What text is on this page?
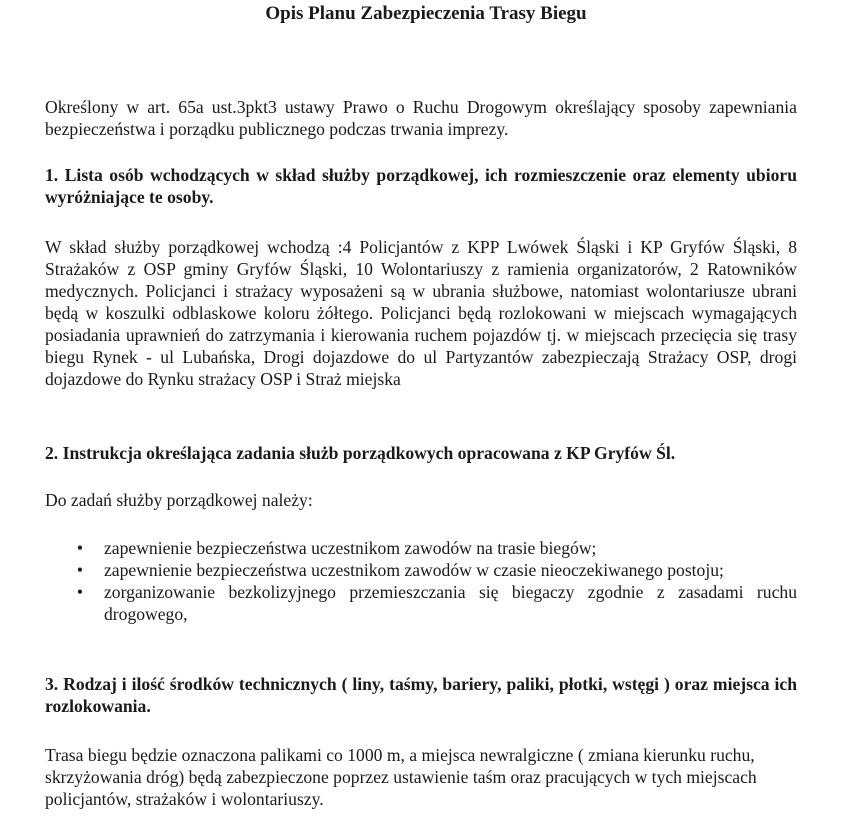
Opis Planu Zabezpieczenia Trasy Biegu

Określony w art. 65a ust.3pkt3 ustawy Prawo o Ruchu Drogowym określający sposoby zapewniania bezpieczeństwa i porządku publicznego podczas trwania imprezy.

1. Lista osób wchodzących w skład służby porządkowej, ich rozmieszczenie oraz elementy ubioru wyróżniające te osoby.

W skład służby porządkowej wchodzą :4 Policjantów z KPP Lwówek Śląski i KP Gryfów Śląski, 8 Strażaków z OSP gminy Gryfów Śląski, 10 Wolontariuszy z ramienia organizatorów, 2 Ratowników medycznych. Policjanci i strażacy wyposażeni są w ubrania służbowe, natomiast wolontariusze ubrani będą w koszulki odblaskowe koloru żółtego. Policjanci będą rozlokowani w miejscach wymagających posiadania uprawnień do zatrzymania i kierowania ruchem pojazdów tj. w miejscach przecięcia się trasy biegu Rynek - ul Lubańska, Drogi dojazdowe do ul Partyzantów zabezpieczają Strażacy OSP, drogi dojazdowe do Rynku strażacy OSP i Straż miejska

2. Instrukcja określająca zadania służb porządkowych opracowana z KP Gryfów Śl.

Do zadań służby porządkowej należy:

• zapewnienie bezpieczeństwa uczestnikom zawodów na trasie biegów;
• zapewnienie bezpieczeństwa uczestnikom zawodów w czasie nieoczekiwanego postoju;
• zorganizowanie bezkolizyjnego przemieszczania się biegaczy zgodnie z zasadami ruchu drogowego,

3. Rodzaj i ilość środków technicznych ( liny, taśmy, bariery, paliki, płotki, wstęgi ) oraz miejsca ich rozlokowania.

Trasa biegu będzie oznaczona palikami co 1000 m, a miejsca newralgiczne ( zmiana kierunku ruchu, skrzyżowania dróg) będą zabezpieczone poprzez ustawienie taśm oraz pracujących w tych miejscach policjantów, strażaków i wolontariuszy.
